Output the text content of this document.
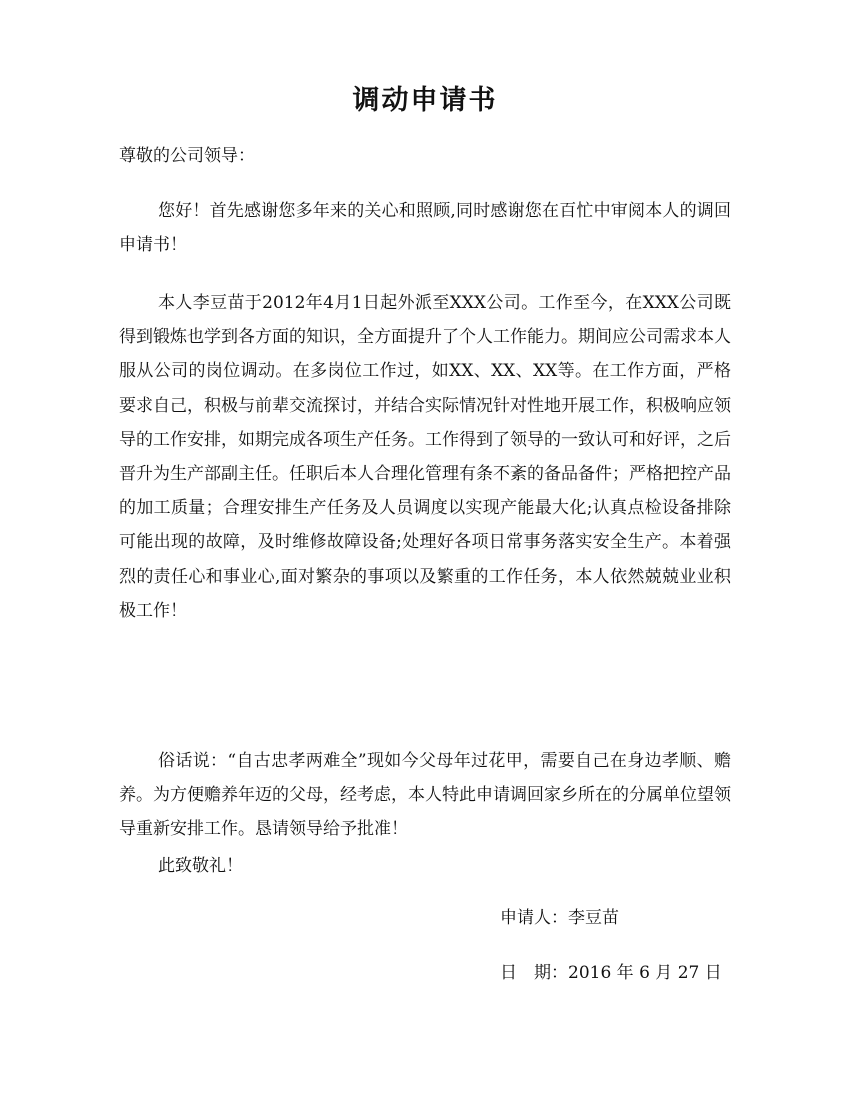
调动申请书
尊敬的公司领导：

您好！首先感谢您多年来的关心和照顾,同时感谢您在百忙中审阅本人的调回申请书！

本人李豆苗于2012年4月1日起外派至XXX公司。工作至今，在XXX公司既得到锻炼也学到各方面的知识，全方面提升了个人工作能力。期间应公司需求本人服从公司的岗位调动。在多岗位工作过，如XX、XX、XX等。在工作方面，严格要求自己，积极与前辈交流探讨，并结合实际情况针对性地开展工作，积极响应领导的工作安排，如期完成各项生产任务。工作得到了领导的一致认可和好评，之后晋升为生产部副主任。任职后本人合理化管理有条不紊的备品备件；严格把控产品的加工质量；合理安排生产任务及人员调度以实现产能最大化;认真点检设备排除可能出现的故障，及时维修故障设备;处理好各项日常事务落实安全生产。本着强烈的责任心和事业心,面对繁杂的事项以及繁重的工作任务，本人依然兢兢业业积极工作！

俗话说：“自古忠孝两难全”现如今父母年过花甲，需要自己在身边孝顺、赡养。为方便赡养年迈的父母，经考虑，本人特此申请调回家乡所在的分属单位望领导重新安排工作。恳请领导给予批准！

此致敬礼！
申请人：李豆苗
日　期：2016 年 6 月 27 日
